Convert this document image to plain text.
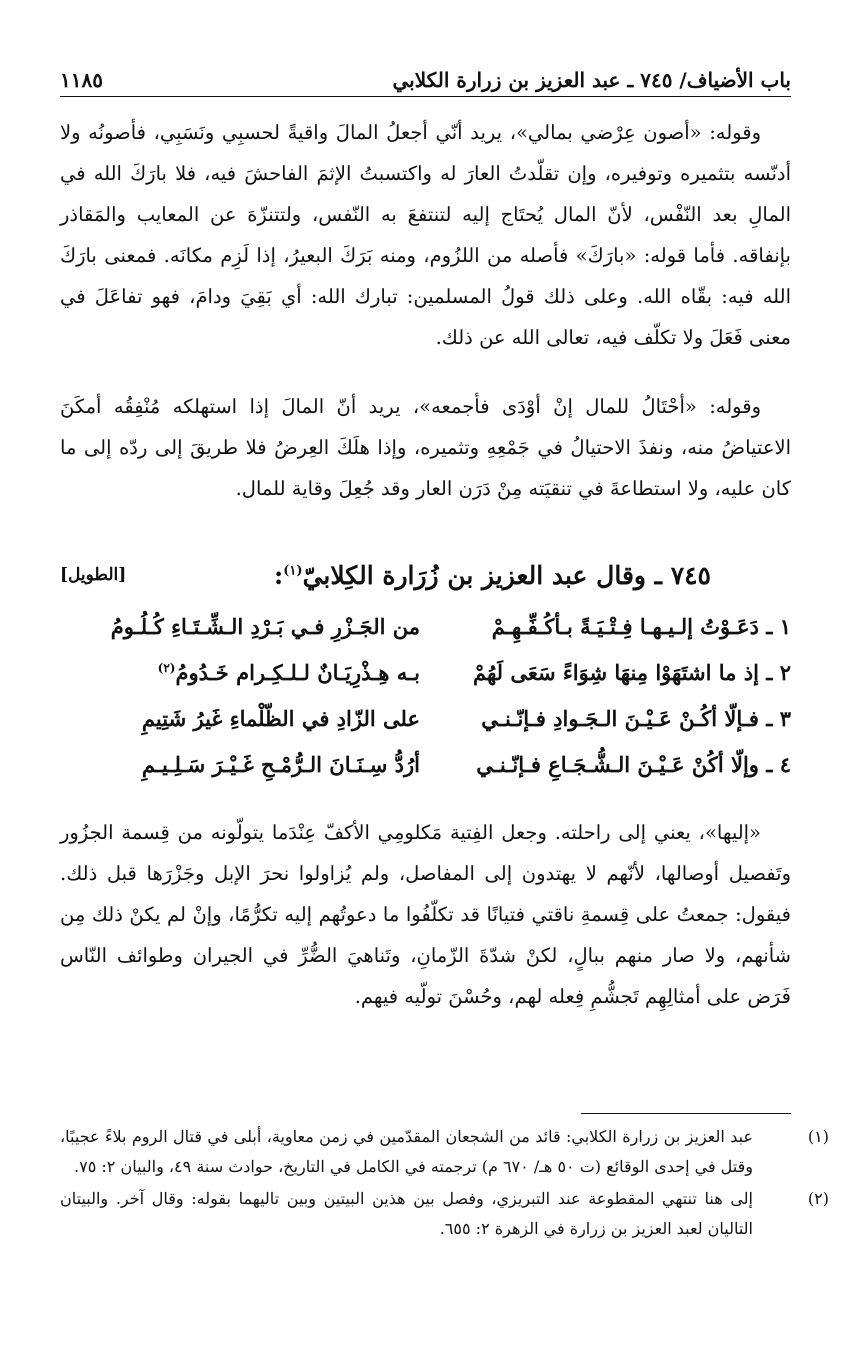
باب الأضياف/ ٧٤٥ ـ عبد العزيز بن زرارة الكلابي
١١٨٥

وقوله: «أصون عِرْضي بمالي»، يريد أنّي أجعلُ المالَ واقيةً لحسبِي ونَسَبِي، فأصونُه ولا أدنّسه بتثميره وتوفيره، وإن تقلّدتُ العارَ له واكتسبتُ الإثمَ الفاحشَ فيه، فلا بارَكَ الله في المالِ بعد النّفْس، لأنّ المال يُحتَاج إليه لتنتفعَ به النّفس، ولتتنزّهَ عن المعايب والمَقاذر بإنفاقه. فأما قوله: «بارَكَ» فأصله من اللزُوم، ومنه بَرَكَ البعيرُ، إذا لَزِم مكانَه. فمعنى بارَكَ الله فيه: بقّاه الله. وعلى ذلك قولُ المسلمين: تبارك الله: أي بَقِيَ ودامَ، فهو تفاعَلَ في معنى فَعَلَ ولا تكلّف فيه، تعالى الله عن ذلك.

وقوله: «أحْتَالُ للمال إنْ أوْدَى فأجمعه»، يريد أنّ المالَ إذا استهلكه مُنْفِقُه أمكَنَ الاعتياضُ منه، ونفذَ الاحتيالُ في جَمْعِهِ وتثميره، وإذا هلَكَ العِرضُ فلا طريقَ إلى ردّه إلى ما كان عليه، ولا استطاعةَ في تنقيَته مِنْ دَرَن العار وقد جُعِلَ وقاية للمال.

٧٤٥ ـ وقال عبد العزيز بن زُرَارة الكِلابيّ$^{(١)}$:
[الطويل]
١ ـ دَعَـوْتُ إلـيـهـا فِـتْـيَـةً بـأكُـفِّـهِـمْ
من الجَـزْرِ فـي بَـرْدِ الـشِّـتَـاءِ كُـلُـومُ
٢ ـ إذ ما اشتَهَوْا مِنهَا شِوَاءً سَعَى لَهُمْ
بـه هِـذْرِيَـانٌ لـلـكِـرام خَـدُومُ$^{(٢)}$
٣ ـ فـإلّا أكُـنْ عَـيْـنَ الـجَـوادِ فـإنّـنـي
على الزّادِ في الظّلْماءِ غَيرُ شَتِيمِ
٤ ـ وإلّا أكُنْ عَـيْـنَ الـشُّـجَـاعِ فـإنّـنـي
أرُدُّ سِـنَـانَ الـرُّمْـحِ غَـيْـرَ سَـلِـيـمِ

«إليها»، يعني إلى راحلته. وجعل الفِتية مَكلومِي الأكفّ عِنْدَما يتولّونه من قِسمة الجزُور وتَفصيل أوصالها، لأنّهم لا يهتدون إلى المفاصل، ولم يُزاولوا نحرَ الإبل وجَزْرَها قبل ذلك. فيقول: جمعتُ على قِسمةِ ناقتي فتيانًا قد تكلّفُوا ما دعوتُهم إليه تكرُّمًا، وإنْ لم يكنْ ذلك مِن شأنهم، ولا صار منهم ببالٍ، لكنْ شدّةَ الزّمانِ، وتَناهيَ الضُّرِّ في الجيران وطوائف النّاس فَرَض على أمثالِهِم تَجشُّمِ فِعله لهم، وحُسْنَ تولّيه فيهم.

(١)عبد العزيز بن زرارة الكلابي: قائد من الشجعان المقدّمين في زمن معاوية، أبلى في قتال الروم بلاءً عجيبًا، وقتل في إحدى الوقائع (ت ٥٠ هـ/ ٦٧٠ م) ترجمته في الكامل في التاريخ، حوادث سنة ٤٩، والبيان ٢: ٧٥.

(٢)إلى هنا تنتهي المقطوعة عند التبريزي، وفصل بين هذين البيتين وبين تاليهما بقوله: وقال آخر. والبيتان التاليان لعبد العزيز بن زرارة في الزهرة ٢: ٦٥٥.
